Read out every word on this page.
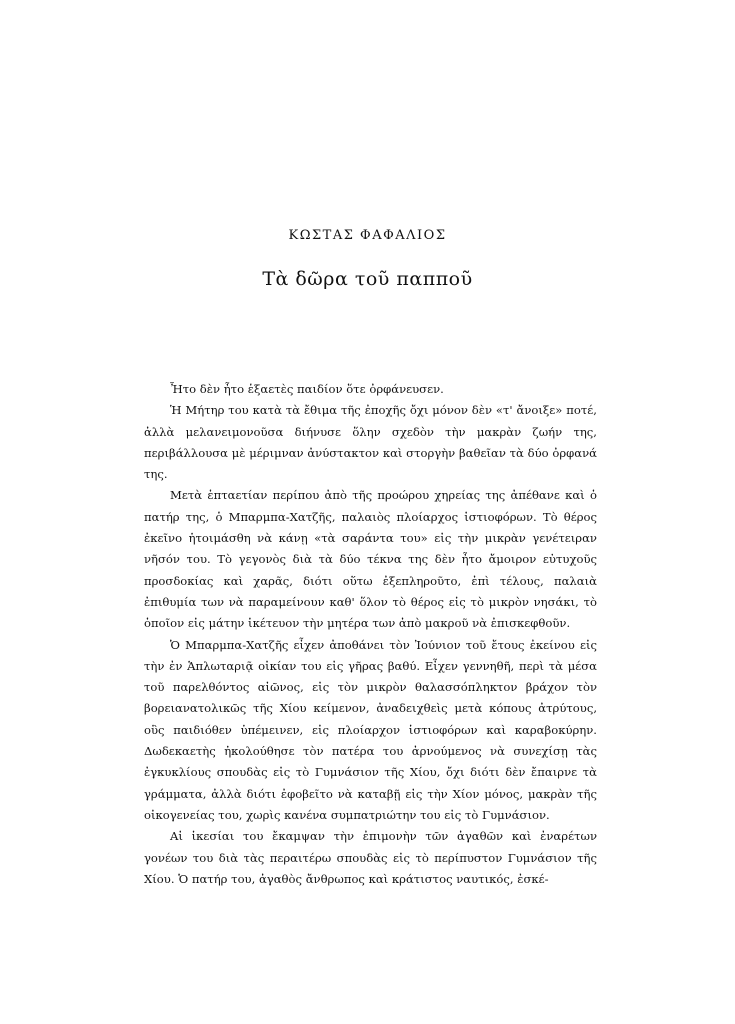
ΚΩΣΤΑΣ ΦΑΦΑΛΙΟΣ
Τὰ δῶρα τοῦ παπποῦ

Ἦτο δὲν ἦτο ἑξαετὲς παιδίον ὅτε ὀρφάνευσεν.

Ἡ Μήτηρ του κατὰ τὰ ἔθιμα τῆς ἐποχῆς ὄχι μόνον δὲν «τ' ἄνοιξε» ποτέ, ἀλλὰ μελανειμονοῦσα διήνυσε ὅλην σχεδὸν τὴν μακρὰν ζωήν της, περιβάλλουσα μὲ μέριμναν ἀνύστακτον καὶ στοργὴν βαθεῖαν τὰ δύο ὀρφανά της.

Μετὰ ἑπταετίαν περίπου ἀπὸ τῆς προώρου χηρείας της ἀπέθανε καὶ ὁ πατήρ της, ὁ Μπαρμπα-Χατζῆς, παλαιὸς πλοίαρχος ἱστιοφόρων. Τὸ θέρος ἐκεῖνο ἡτοιμάσθη νὰ κάνῃ «τὰ σαράντα του» εἰς τὴν μικρὰν γενέτειραν νῆσόν του. Τὸ γεγονὸς διὰ τὰ δύο τέκνα της δὲν ἦτο ἄμοιρον εὐτυχοῦς προσδοκίας καὶ χαρᾶς, διότι οὕτω ἐξεπληροῦτο, ἐπὶ τέλους, παλαιὰ ἐπιθυμία των νὰ παραμείνουν καθ' ὅλον τὸ θέρος εἰς τὸ μικρὸν νησάκι, τὸ ὁποῖον εἰς μάτην ἱκέτευον τὴν μητέρα των ἀπὸ μακροῦ νὰ ἐπισκεφθοῦν.

Ὁ Μπαρμπα-Χατζῆς εἶχεν ἀποθάνει τὸν Ἰούνιον τοῦ ἔτους ἐκείνου εἰς τὴν ἐν Ἁπλωταριᾷ οἰκίαν του εἰς γῆρας βαθύ. Εἶχεν γεννηθῆ, περὶ τὰ μέσα τοῦ παρελθόντος αἰῶνος, εἰς τὸν μικρὸν θαλασσόπληκτον βράχον τὸν βορειανατολικῶς τῆς Χίου κείμενον, ἀναδειχθεὶς μετὰ κόπους ἀτρύτους, οὓς παιδιόθεν ὑπέμεινεν, εἰς πλοίαρχον ἱστιοφόρων καὶ καραβοκύρην. Δωδεκαετὴς ἠκολούθησε τὸν πατέρα του ἀρνούμενος νὰ συνεχίσῃ τὰς ἐγκυκλίους σπουδὰς εἰς τὸ Γυμνάσιον τῆς Χίου, ὄχι διότι δὲν ἔπαιρνε τὰ γράμματα, ἀλλὰ διότι ἐφοβεῖτο νὰ καταβῇ εἰς τὴν Χίον μόνος, μακρὰν τῆς οἰκογενείας του, χωρὶς κανένα συμπατριώτην του εἰς τὸ Γυμνάσιον.

Αἱ ἱκεσίαι του ἔκαμψαν τὴν ἐπιμονὴν τῶν ἀγαθῶν καὶ ἐναρέτων γονέων του διὰ τὰς περαιτέρω σπουδὰς εἰς τὸ περίπυστον Γυμνάσιον τῆς Χίου. Ὁ πατήρ του, ἀγαθὸς ἄνθρωπος καὶ κράτιστος ναυτικός, ἐσκέ-
